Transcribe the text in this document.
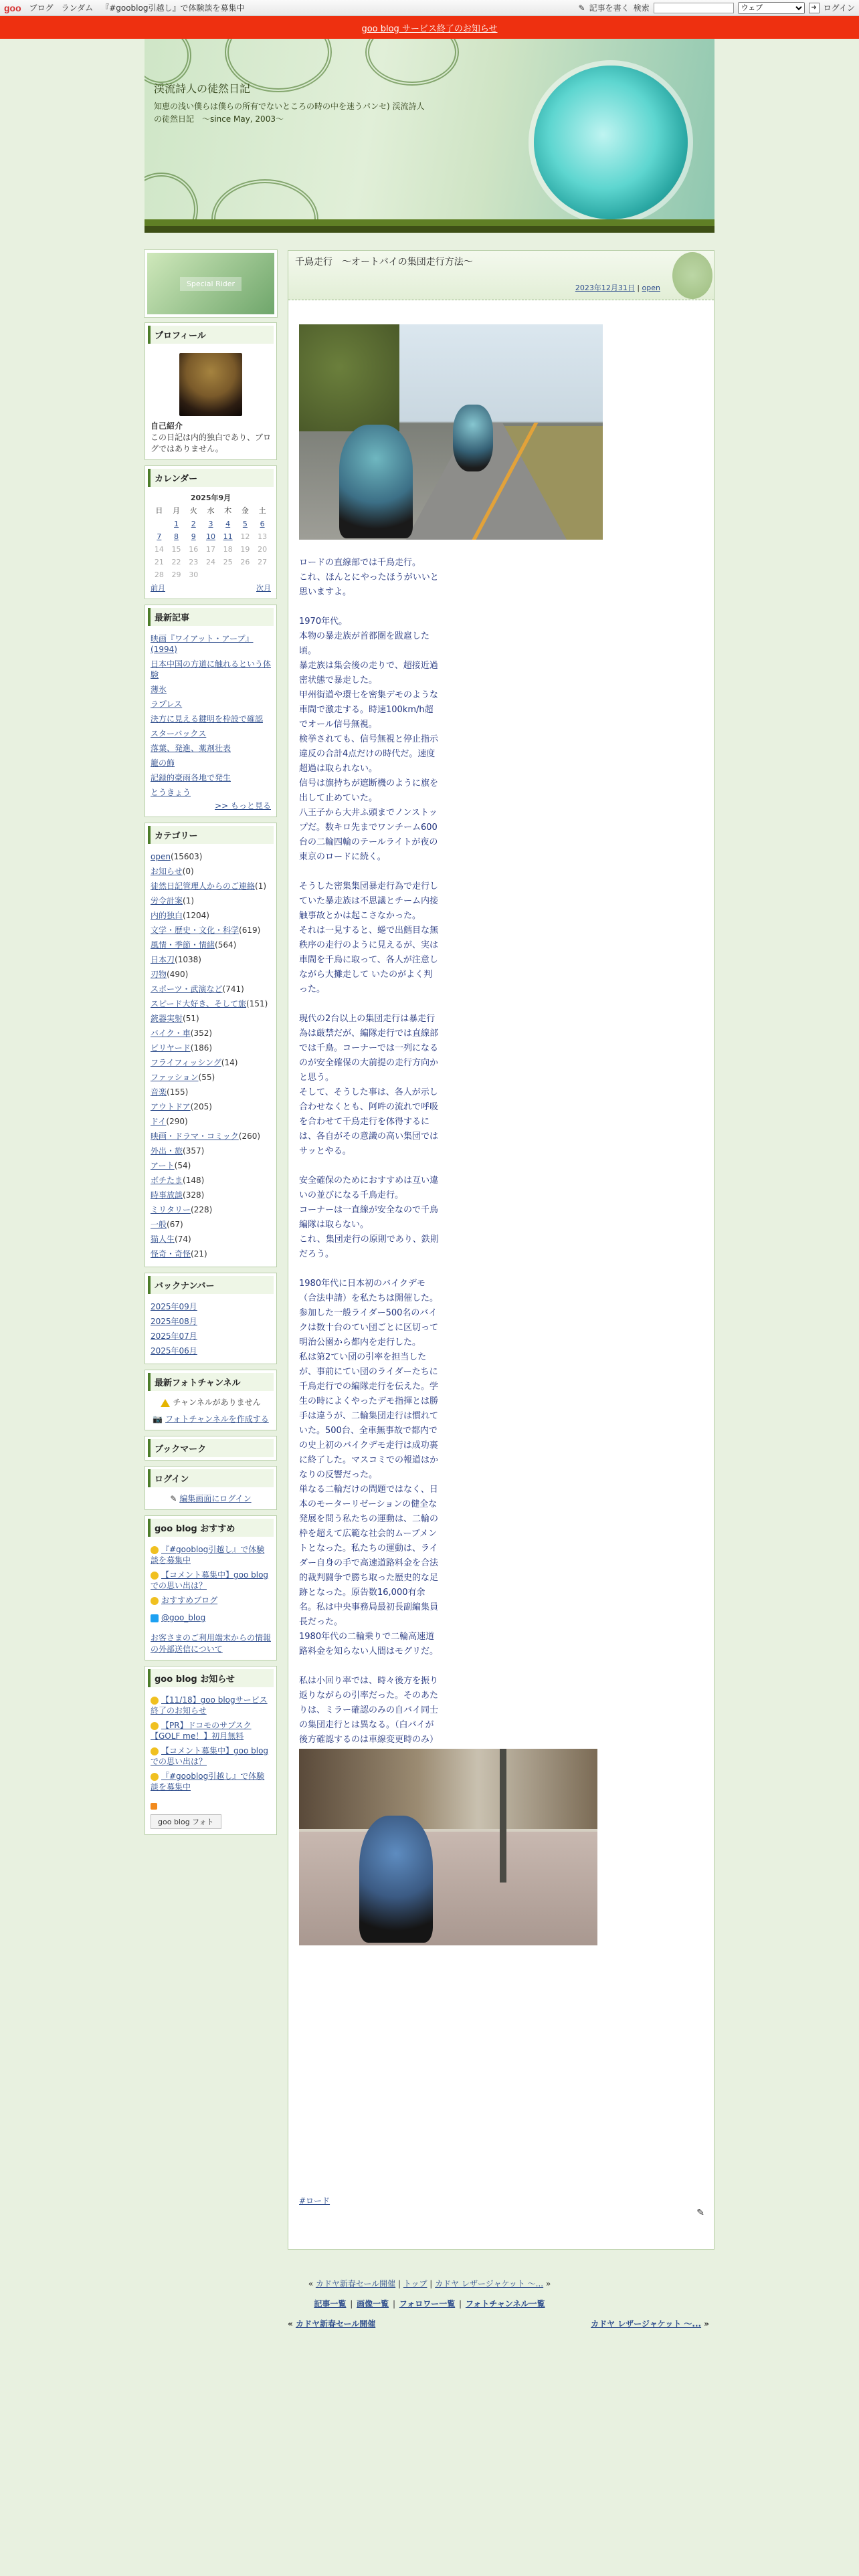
goo ブログ ランダム 『#gooblog引越し』で体験談を募集中	✎ 記事を書く 検索
ウェブ	➜ ログイン
goo blog サービス終了のお知らせ
渓流詩人の徒然日記

知恵の浅い僕らは僕らの所有でないところの時の中を迷うパンセ) 渓流詩人の徒然日記　～since May, 2003～

Special Rider
プロフィール
自己紹介
この日記は内的独白であり、ブログではありません。
カレンダー
2025年9月
日	月	火	水	木	金	土
	1	2	3	4	5	6
7	8	9	10	11	12	13
14	15	16	17	18	19	20
21	22	23	24	25	26	27
28	29	30				
前月	次月
最新記事
映画『ワイアット・アープ』(1994)
日本中国の方道に触れるという体験
薄氷
ラプレス
決方に見える鍵明を枠設で確認
スターバックス
落葉、発進、薬剤壮表
籠の飾
記録的豪雨各地で発生
とうきょう
>> もっと見る
カテゴリー
open(15603)
お知らせ(0)
徒然日記管理人からのご連絡(1)
労令計案(1)
内的独白(1204)
文学・歴史・文化・科学(619)
風情・季節・情緒(564)
日本刀(1038)
刃物(490)
スポーツ・武演など(741)
スピード大好き、そして旅(151)
銃器実射(51)
バイク・車(352)
ビリヤード(186)
フライフィッシング(14)
ファッション(55)
音楽(155)
アウトドア(205)
ドイ(290)
映画・ドラマ・コミック(260)
外出・旅(357)
アート(54)
ボチたま(148)
時事放談(328)
ミリタリー(228)
一般(67)
猫人生(74)
怪奇・奇怪(21)
バックナンバー
2025年09月
2025年08月
2025年07月
2025年06月
最新フォトチャンネル
チャンネルがありません
📷 フォトチャンネルを作成する
ブックマーク
ログイン
✎ 編集画面にログイン
goo blog おすすめ
『#gooblog引越し』で体験談を募集中
【コメント募集中】goo blogでの思い出は？
おすすめブログ
@goo_blog
お客さまのご利用端末からの情報の外部送信について
goo blog お知らせ
【11/18】goo blogサービス終了のお知らせ
【PR】ドコモのサブスク【GOLF me！】初月無料
【コメント募集中】goo blogでの思い出は？
『#gooblog引越し』で体験談を募集中
goo blog フォト
千鳥走行　～オートバイの集団走行方法～
2023年12月31日 | open
ロードの直線部では千鳥走行。
これ、ほんとにやったほうがいいと思いますよ。

1970年代。
本物の暴走族が首都圏を跋扈した頃。
暴走族は集会後の走りで、超接近過密状態で暴走した。
甲州街道や環七を密集デモのような車間で激走する。時速100km/h超でオール信号無視。
検挙されても、信号無視と停止指示違反の合計4点だけの時代だ。速度超過は取られない。
信号は旗持ちが遮断機のように旗を出して止めていた。
八王子から大井ふ頭までノンストップだ。数キロ先までワンチーム600台の二輪四輪のテールライトが夜の東京のロードに続く。

そうした密集集団暴走行為で走行していた暴走族は不思議とチーム内接触事故とかは起こさなかった。
それは一見すると、蜷で出鱈目な無秩序の走行のように見えるが、実は車間を千鳥に取って、各人が注意しながら大攤走して いたのがよく判った。

現代の2台以上の集団走行は暴走行為は厳禁だが、編隊走行では直線部では千鳥。コーナーでは一列になるのが安全確保の大前提の走行方向かと思う。
そして、そうした事は、各人が示し合わせなくとも、阿吽の流れで呼吸を合わせて千鳥走行を体得するには、各自がその意識の高い集団ではサッとやる。

安全確保のためにおすすめは互い違いの並びになる千鳥走行。
コーナーは一直線が安全なので千鳥編隊は取らない。
これ、集団走行の原則であり、鉄則だろう。

1980年代に日本初のバイクデモ（合法申請）を私たちは開催した。
参加した一般ライダー500名のバイクは数十台のてい団ごとに区切って明治公園から都内を走行した。
私は第2てい団の引率を担当したが、事前にてい団のライダーたちに千鳥走行での編隊走行を伝えた。学生の時によくやったデモ指揮とは勝手は違うが、二輪集団走行は慣れていた。500台、全車無事故で都内での史上初のバイクデモ走行は成功裏に終了した。マスコミでの報道はかなりの反響だった。
単なる二輪だけの問題ではなく、日本のモーターリゼーションの健全な発展を問う私たちの運動は、二輪の枠を超えて広範な社会的ムーブメントとなった。私たちの運動は、ライダー自身の手で高速道路料金を合法的裁判闘争で勝ち取った歴史的な足跡となった。原告数16,000有余名。私は中央事務局最初長副編集員長だった。
1980年代の二輪乗りで二輪高速道路料金を知らない人間はモグリだ。

私は小回り率では、時々後方を振り返りながらの引率だった。そのあたりは、ミラー確認のみの自バイ同士の集団走行とは異なる。（白バイが後方確認するのは車線変更時のみ）
#ロード
✎
« カドヤ新春セール開催 | トップ | カドヤ レザージャケット ～... »
記事一覧 | 画像一覧 | フォロワー一覧 | フォトチャンネル一覧
« カドヤ新春セール開催	カドヤ レザージャケット ～... »
